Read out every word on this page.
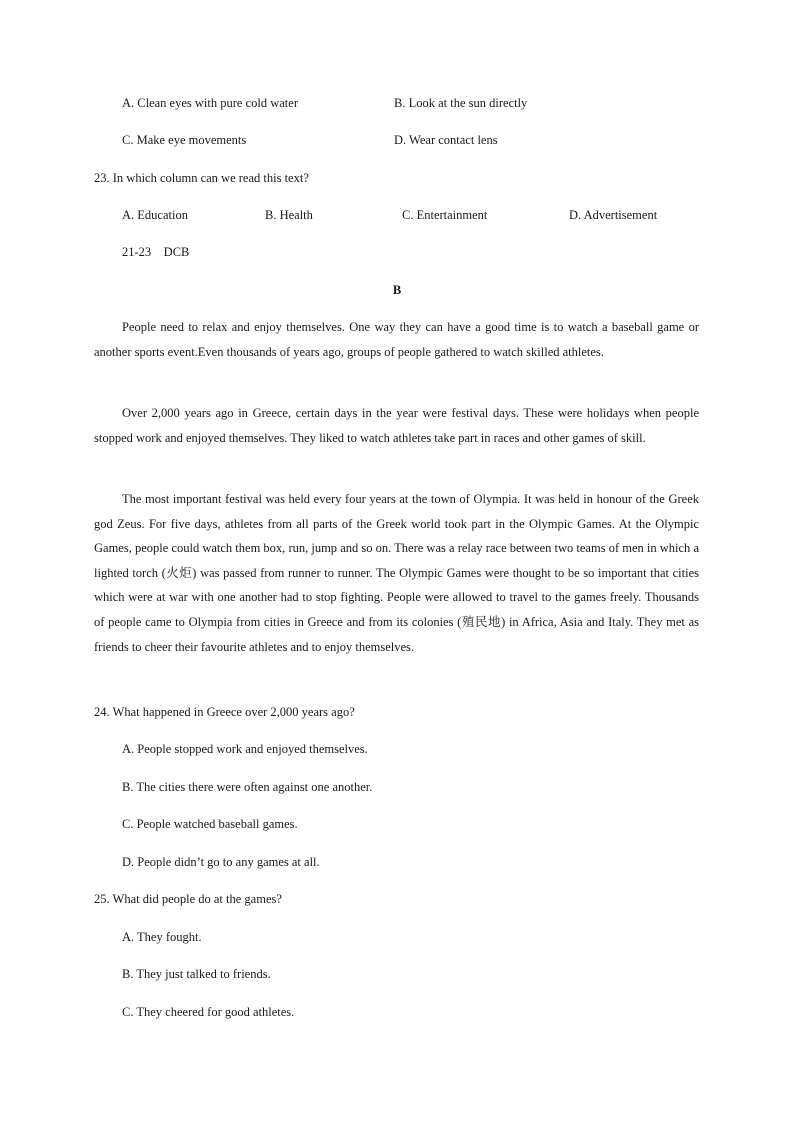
A. Clean eyes with pure cold water	B. Look at the sun directly
C. Make eye movements	D. Wear contact lens
23. In which column can we read this text?
A. Education	B. Health	C. Entertainment	D. Advertisement
21-23    DCB
B

People need to relax and enjoy themselves. One way they can have a good time is to watch a baseball game or another sports event.Even thousands of years ago, groups of people gathered to watch skilled athletes.

Over 2,000 years ago in Greece, certain days in the year were festival days. These were holidays when people stopped work and enjoyed themselves. They liked to watch athletes take part in races and other games of skill.

The most important festival was held every four years at the town of Olympia. It was held in honour of the Greek god Zeus. For five days, athletes from all parts of the Greek world took part in the Olympic Games. At the Olympic Games, people could watch them box, run, jump and so on. There was a relay race between two teams of men in which a lighted torch (火炬) was passed from runner to runner. The Olympic Games were thought to be so important that cities which were at war with one another had to stop fighting. People were allowed to travel to the games freely. Thousands of people came to Olympia from cities in Greece and from its colonies (殖民地) in Africa, Asia and Italy. They met as friends to cheer their favourite athletes and to enjoy themselves.

24. What happened in Greece over 2,000 years ago?
A. People stopped work and enjoyed themselves.
B. The cities there were often against one another.
C. People watched baseball games.
D. People didn’t go to any games at all.
25. What did people do at the games?
A. They fought.
B. They just talked to friends.
C. They cheered for good athletes.
